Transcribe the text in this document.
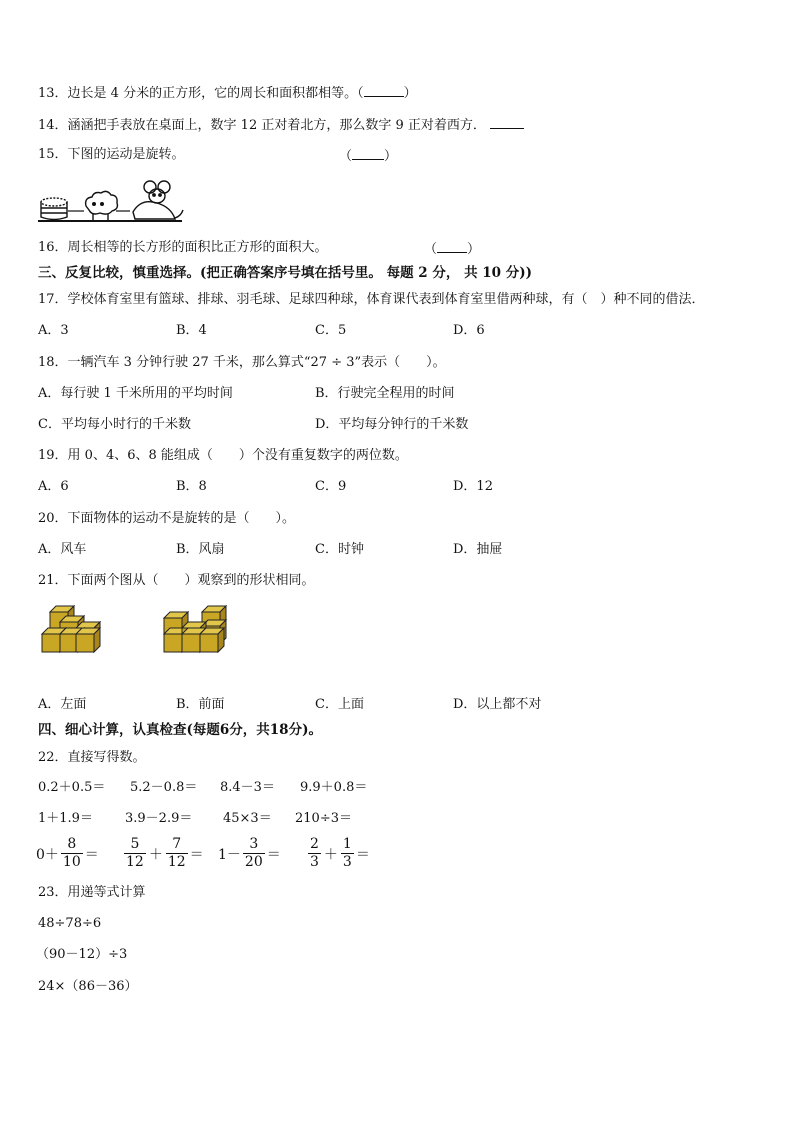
13．边长是 4 分米的正方形，它的周长和面积都相等。（	）
14．涵涵把手表放在桌面上，数字 12 正对着北方，那么数字 9 正对着西方．
15．下图的运动是旋转。	（ ）
16．周长相等的长方形的面积比正方形的面积大。	（ ）
三、反复比较，慎重选择。(把正确答案序号填在括号里。 每题 2 分， 共 10 分))
17．学校体育室里有篮球、排球、羽毛球、足球四种球，体育课代表到体育室里借两种球，有（　）种不同的借法．
A．3	B．4	C．5	D．6
18．一辆汽车 3 分钟行驶 27 千米，那么算式“27 ÷ 3”表示（　　）。
A．每行驶 1 千米所用的平均时间	B．行驶完全程用的时间
C．平均每小时行的千米数	D．平均每分钟行的千米数
19．用 0、4、6、8 能组成（　　）个没有重复数字的两位数。
A．6	B．8	C．9	D．12
20．下面物体的运动不是旋转的是（　　）。
A．风车	B．风扇	C．时钟	D．抽屉
21．下面两个图从（　　）观察到的形状相同。
A．左面	B．前面	C．上面	D．以上都不对
四、细心计算，认真检查(每题6分，共18分)。
22．直接写得数。
0.2＋0.5＝ 5.2－0.8＝ 8.4－3＝ 9.9＋0.8＝
1＋1.9＝ 3.9－2.9＝ 45×3＝ 210÷3＝
$0+ \frac{8}{10} = \frac{5}{12} + \frac{7}{12} = 1- \frac{3}{20} = \frac{2}{3} + \frac{1}{3}$ ＝
23．用递等式计算
48÷78÷6
（90－12）÷3
24×（86－36）
